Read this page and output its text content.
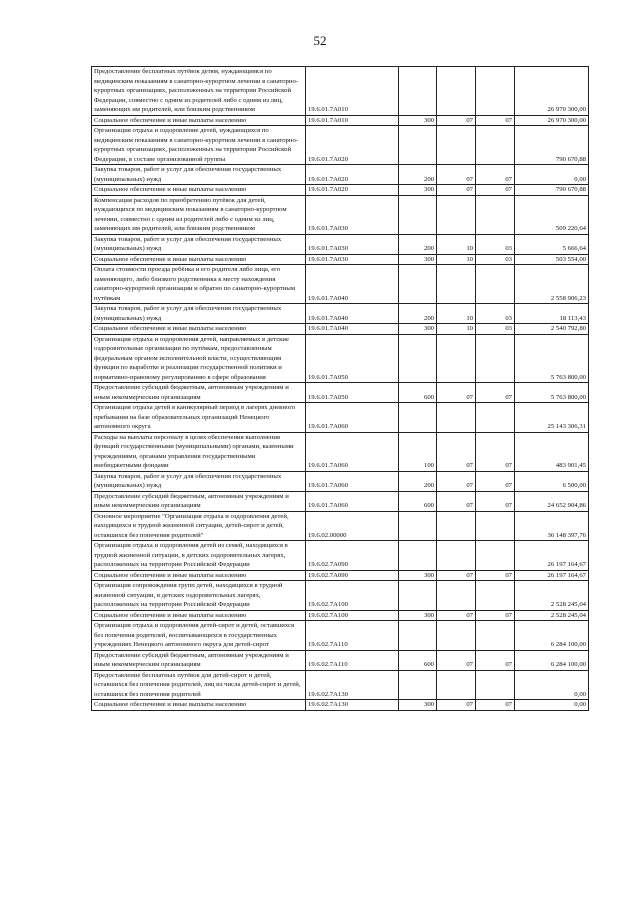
52
Предоставление бесплатных путёвок детям, нуждающимся по медицинским показаниям в санаторно-курортном лечении в санаторно-курортных организациях, расположенных на территории Российской Федерации, совместно с одним из родителей либо с одним из лиц, заменяющих им родителей, или близким родственником	19.6.01.7А010				26 970 300,00
Социальное обеспечение и иные выплаты населению	19.6.01.7А010	300	07	07	26 970 300,00
Организация отдыха и оздоровление детей, нуждающихся по медицинским показаниям в санаторно-курортном лечении в санаторно-курортных организациях, расположенных на территории Российской Федерации, в составе организованной группы	19.6.01.7А020				790 670,88
Закупка товаров, работ и услуг для обеспечения государственных (муниципальных) нужд	19.6.01.7А020	200	07	07	0,00
Социальное обеспечение и иные выплаты населению	19.6.01.7А020	300	07	07	790 670,88
Компенсация расходов по приобретению путёвок для детей, нуждающихся по медицинским показаниям в санаторно-курортном лечении, совместно с одним из родителей либо с одним из лиц, заменяющих им родителей, или близким родственником	19.6.01.7А030				509 220,64
Закупка товаров, работ и услуг для обеспечения государственных (муниципальных) нужд	19.6.01.7А030	200	10	03	5 666,64
Социальное обеспечение и иные выплаты населению	19.6.01.7А030	300	10	03	503 554,00
Оплата стоимости проезда ребёнка и его родителя либо лица, его заменяющего, либо близкого родственника к месту нахождения санаторно-курортной организации и обратно по санаторно-курортным путёвкам	19.6.01.7А040				2 558 906,23
Закупка товаров, работ и услуг для обеспечения государственных (муниципальных) нужд	19.6.01.7А040	200	10	03	18 113,43
Социальное обеспечение и иные выплаты населению	19.6.01.7А040	300	10	03	2 540 792,80
Организация отдыха и оздоровления детей, направляемых в детские оздоровительные организации по путёвкам, предоставленным федеральным органом исполнительной власти, осуществляющим функции по выработке и реализации государственной политики и нормативно-правовому регулированию в сфере образования	19.6.01.7А050				5 763 800,00
Предоставление субсидий бюджетным, автономным учреждениям и иным некоммерческим организациям	19.6.01.7А050	600	07	07	5 763 800,00
Организация отдыха детей в каникулярный период в лагерях дневного пребывания на базе образовательных организаций Ненецкого автономного округа	19.6.01.7А060				25 143 306,31
Расходы на выплаты персоналу в целях обеспечения выполнения функций государственными (муниципальными) органами, казенными учреждениями, органами управления государственными внебюджетными фондами	19.6.01.7А060	100	07	07	483 901,45
Закупка товаров, работ и услуг для обеспечения государственных (муниципальных) нужд	19.6.01.7А060	200	07	07	6 500,00
Предоставление субсидий бюджетным, автономным учреждениям и иным некоммерческим организациям	19.6.01.7А060	600	07	07	24 652 904,86
Основное мероприятие "Организация отдыха и оздоровления детей, находящихся в трудной жизненной ситуации, детей-сирот и детей, оставшихся без попечения родителей"	19.6.02.00000				36 148 397,76
Организация отдыха и оздоровления детей из семей, находящихся в трудной жизненной ситуации, в детских оздоровительных лагерях, расположенных на территории Российской Федерации	19.6.02.7А090				26 197 164,67
Социальное обеспечение и иные выплаты населению	19.6.02.7А090	300	07	07	26 197 164,67
Организация сопровождения групп детей, находящихся в трудной жизненной ситуации, в детских оздоровительных лагерях, расположенных на территории Российской Федерации	19.6.02.7А100				2 528 245,04
Социальное обеспечение и иные выплаты населению	19.6.02.7А100	300	07	07	2 528 245,04
Организация отдыха и оздоровления детей-сирот и детей, оставшихся без попечения родителей, воспитывающихся в государственных учреждениях Ненецкого автономного округа для детей-сирот	19.6.02.7А110				6 284 100,00
Предоставление субсидий бюджетным, автономным учреждениям и иным некоммерческим организациям	19.6.02.7А110	600	07	07	6 284 100,00
Предоставление бесплатных путёвок для детей-сирот и детей, оставшихся без попечения родителей, лиц из числа детей-сирот и детей, оставшихся без попечения родителей	19.6.02.7А130				0,00
Социальное обеспечение и иные выплаты населению	19.6.02.7А130	300	07	07	0,00
